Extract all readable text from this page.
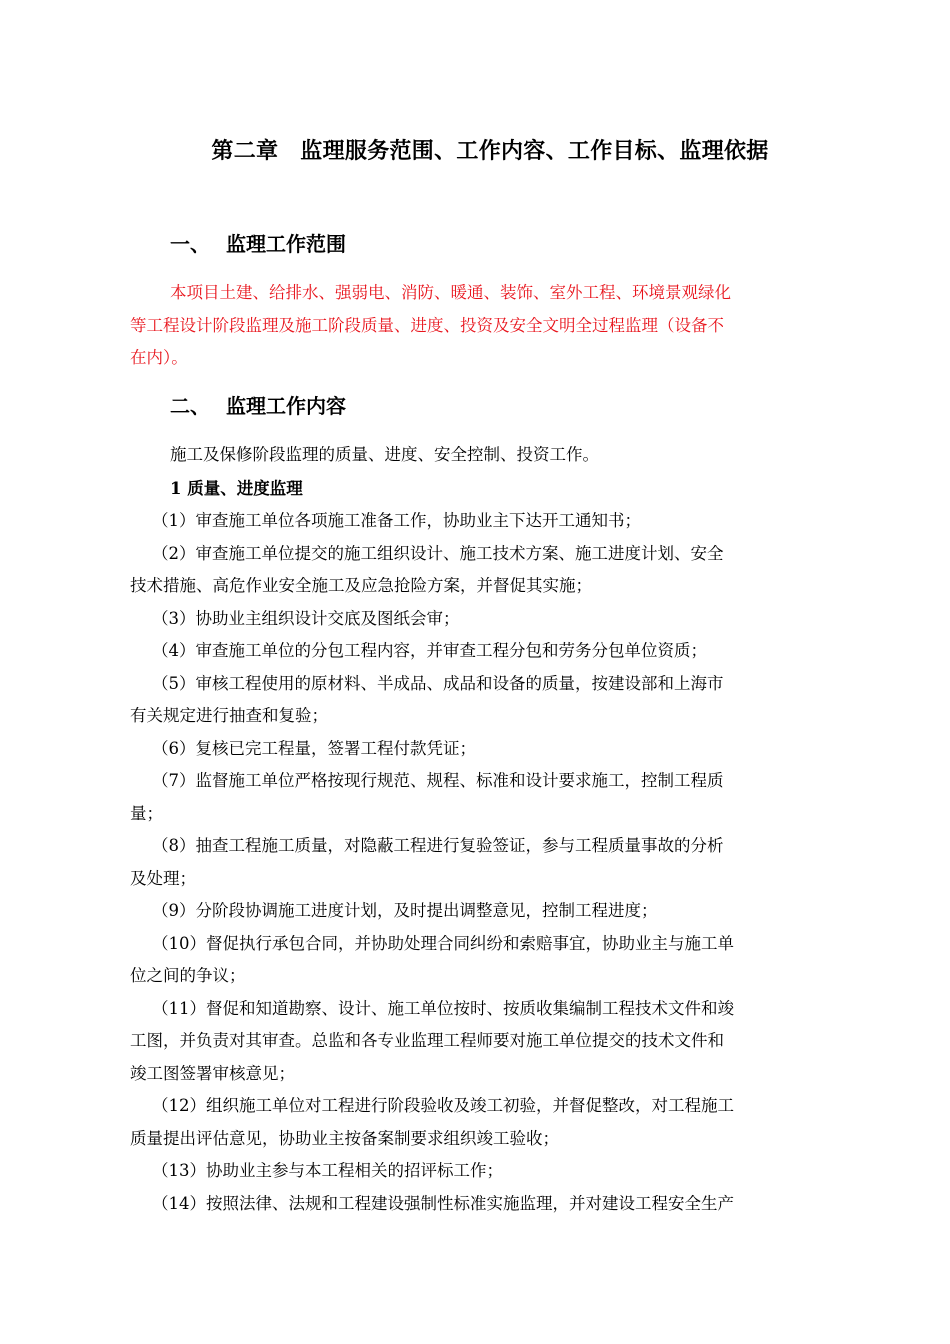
第二章 监理服务范围、工作内容、工作目标、监理依据
一、 监理工作范围
本项目土建、给排水、强弱电、消防、暖通、装饰、室外工程、环境景观绿化
等工程设计阶段监理及施工阶段质量、进度、投资及安全文明全过程监理（设备不
在内）。
二、 监理工作内容
施工及保修阶段监理的质量、进度、安全控制、投资工作。
1 质量、进度监理
（1）审查施工单位各项施工准备工作，协助业主下达开工通知书；
（2）审查施工单位提交的施工组织设计、施工技术方案、施工进度计划、安全
技术措施、高危作业安全施工及应急抢险方案，并督促其实施；
（3）协助业主组织设计交底及图纸会审；
（4）审查施工单位的分包工程内容，并审查工程分包和劳务分包单位资质；
（5）审核工程使用的原材料、半成品、成品和设备的质量，按建设部和上海市
有关规定进行抽查和复验；
（6）复核已完工程量，签署工程付款凭证；
（7）监督施工单位严格按现行规范、规程、标准和设计要求施工，控制工程质
量；
（8）抽查工程施工质量，对隐蔽工程进行复验签证，参与工程质量事故的分析
及处理；
（9）分阶段协调施工进度计划，及时提出调整意见，控制工程进度；
（10）督促执行承包合同，并协助处理合同纠纷和索赔事宜，协助业主与施工单
位之间的争议；
（11）督促和知道勘察、设计、施工单位按时、按质收集编制工程技术文件和竣
工图，并负责对其审查。总监和各专业监理工程师要对施工单位提交的技术文件和
竣工图签署审核意见；
（12）组织施工单位对工程进行阶段验收及竣工初验，并督促整改，对工程施工
质量提出评估意见，协助业主按备案制要求组织竣工验收；
（13）协助业主参与本工程相关的招评标工作；
（14）按照法律、法规和工程建设强制性标准实施监理，并对建设工程安全生产
